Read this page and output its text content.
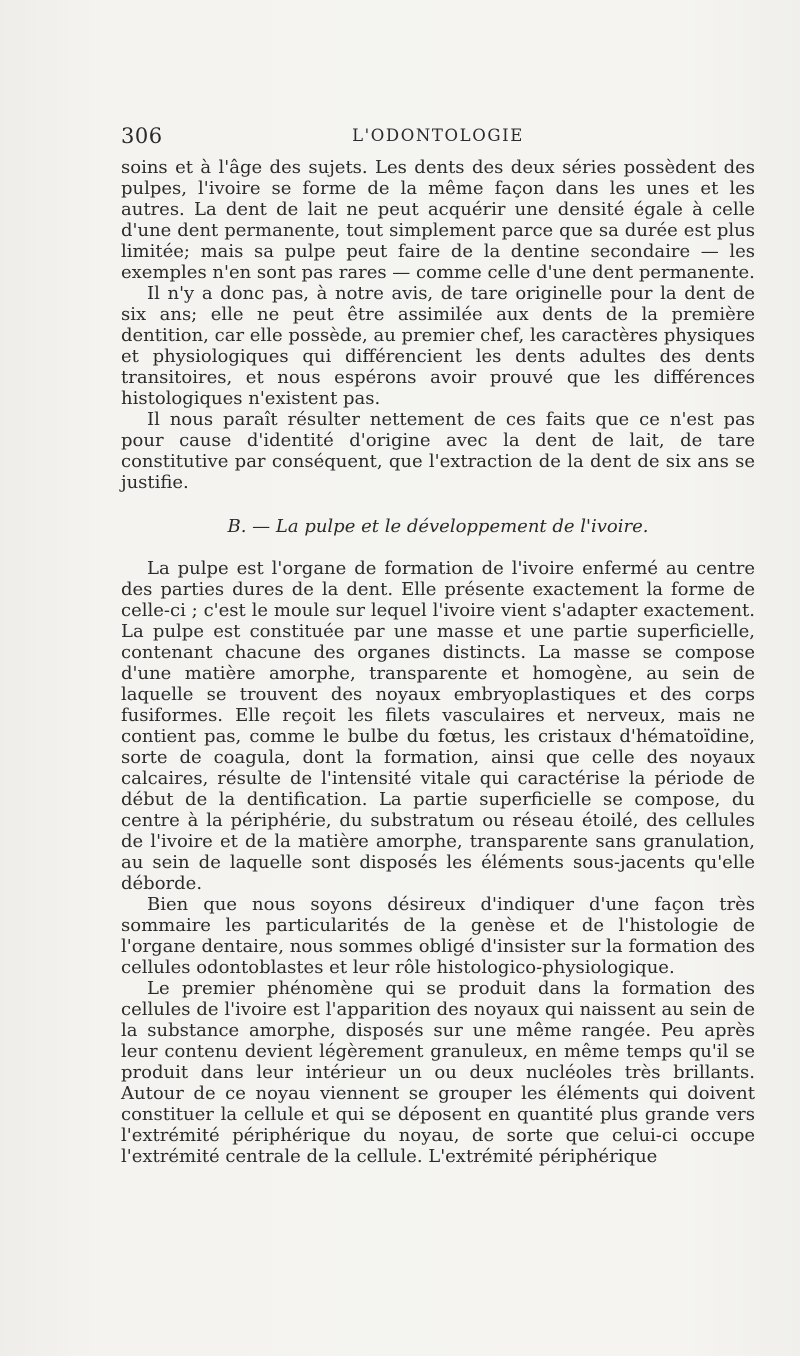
306	L'ODONTOLOGIE

soins et à l'âge des sujets. Les dents des deux séries possèdent des pulpes, l'ivoire se forme de la même façon dans les unes et les autres. La dent de lait ne peut acquérir une densité égale à celle d'une dent permanente, tout simplement parce que sa durée est plus limitée; mais sa pulpe peut faire de la dentine secondaire — les exemples n'en sont pas rares — comme celle d'une dent permanente.

Il n'y a donc pas, à notre avis, de tare originelle pour la dent de six ans; elle ne peut être assimilée aux dents de la première dentition, car elle possède, au premier chef, les caractères physiques et physiologiques qui différencient les dents adultes des dents transitoires, et nous espérons avoir prouvé que les différences histologiques n'existent pas.

Il nous paraît résulter nettement de ces faits que ce n'est pas pour cause d'identité d'origine avec la dent de lait, de tare constitutive par conséquent, que l'extraction de la dent de six ans se justifie.

B. — La pulpe et le développement de l'ivoire.

La pulpe est l'organe de formation de l'ivoire enfermé au centre des parties dures de la dent. Elle présente exactement la forme de celle-ci ; c'est le moule sur lequel l'ivoire vient s'adapter exactement. La pulpe est constituée par une masse et une partie superficielle, contenant chacune des organes distincts. La masse se compose d'une matière amorphe, transparente et homogène, au sein de laquelle se trouvent des noyaux embryoplastiques et des corps fusiformes. Elle reçoit les filets vasculaires et nerveux, mais ne contient pas, comme le bulbe du fœtus, les cristaux d'hématoïdine, sorte de coagula, dont la formation, ainsi que celle des noyaux calcaires, résulte de l'intensité vitale qui caractérise la période de début de la dentification. La partie superficielle se compose, du centre à la périphérie, du substratum ou réseau étoilé, des cellules de l'ivoire et de la matière amorphe, transparente sans granulation, au sein de laquelle sont disposés les éléments sous-jacents qu'elle déborde.

Bien que nous soyons désireux d'indiquer d'une façon très sommaire les particularités de la genèse et de l'histologie de l'organe dentaire, nous sommes obligé d'insister sur la formation des cellules odontoblastes et leur rôle histologico-physiologique.

Le premier phénomène qui se produit dans la formation des cellules de l'ivoire est l'apparition des noyaux qui naissent au sein de la substance amorphe, disposés sur une même rangée. Peu après leur contenu devient légèrement granuleux, en même temps qu'il se produit dans leur intérieur un ou deux nucléoles très brillants. Autour de ce noyau viennent se grouper les éléments qui doivent constituer la cellule et qui se déposent en quantité plus grande vers l'extrémité périphérique du noyau, de sorte que celui-ci occupe l'extrémité centrale de la cellule. L'extrémité périphérique
